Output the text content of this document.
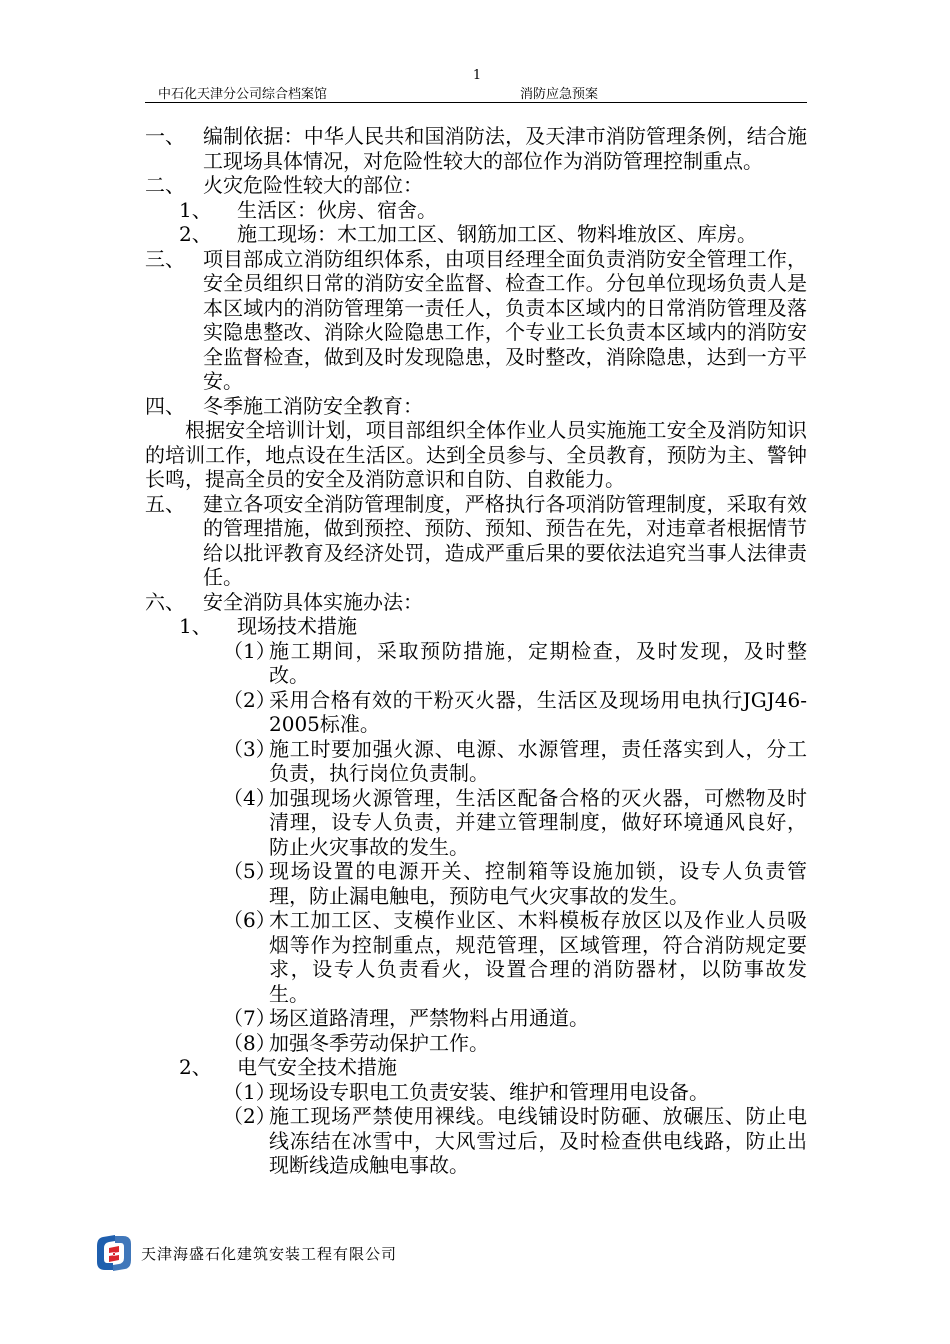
1
中石化天津分公司综合档案馆	消防应急预案
一、 编制依据：中华人民共和国消防法，及天津市消防管理条例，结合施工现场具体情况，对危险性较大的部位作为消防管理控制重点。
二、 火灾危险性较大的部位：
1、	生活区：伙房、宿舍。
2、	施工现场：木工加工区、钢筋加工区、物料堆放区、库房。
三、 项目部成立消防组织体系，由项目经理全面负责消防安全管理工作，安全员组织日常的消防安全监督、检查工作。分包单位现场负责人是本区域内的消防管理第一责任人，负责本区域内的日常消防管理及落实隐患整改、消除火险隐患工作，个专业工长负责本区域内的消防安全监督检查，做到及时发现隐患，及时整改，消除隐患，达到一方平安。
四、 冬季施工消防安全教育：
根据安全培训计划，项目部组织全体作业人员实施施工安全及消防知识的培训工作，地点设在生活区。达到全员参与、全员教育，预防为主、警钟长鸣，提高全员的安全及消防意识和自防、自救能力。
五、 建立各项安全消防管理制度，严格执行各项消防管理制度，采取有效的管理措施，做到预控、预防、预知、预告在先，对违章者根据情节给以批评教育及经济处罚，造成严重后果的要依法追究当事人法律责任。
六、 安全消防具体实施办法：
1、	现场技术措施
（1）
施工期间，采取预防措施，定期检查，及时发现，及时整改。
（2）
采用合格有效的干粉灭火器，生活区及现场用电执行JGJ46-2005标准。
（3）
施工时要加强火源、电源、水源管理，责任落实到人，分工负责，执行岗位负责制。
（4）
加强现场火源管理，生活区配备合格的灭火器，可燃物及时清理，设专人负责，并建立管理制度，做好环境通风良好，防止火灾事故的发生。
（5）
现场设置的电源开关、控制箱等设施加锁，设专人负责管理，防止漏电触电，预防电气火灾事故的发生。
（6）
木工加工区、支模作业区、木料模板存放区以及作业人员吸烟等作为控制重点，规范管理，区域管理，符合消防规定要求，设专人负责看火，设置合理的消防器材，以防事故发生。
（7）
场区道路清理，严禁物料占用通道。
（8）
加强冬季劳动保护工作。
2、	电气安全技术措施
（1）
现场设专职电工负责安装、维护和管理用电设备。
（2）
施工现场严禁使用裸线。电线铺设时防砸、放碾压、防止电线冻结在冰雪中，大风雪过后，及时检查供电线路，防止出现断线造成触电事故。
天津海盛石化建筑安装工程有限公司
